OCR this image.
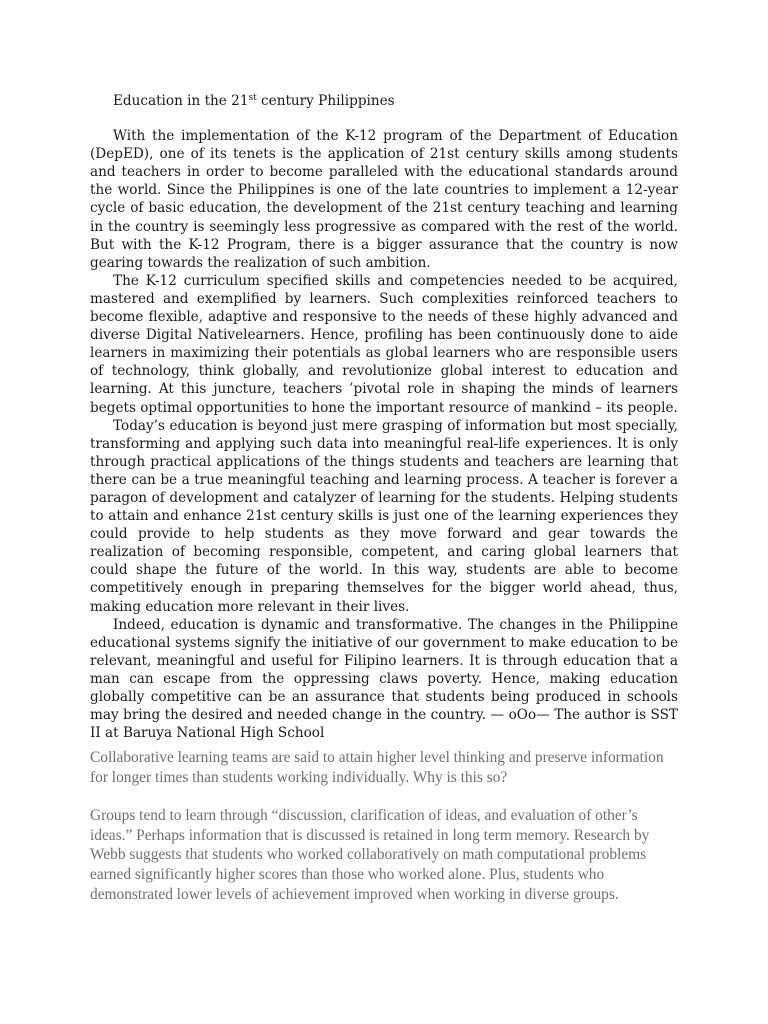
Education in the 21st century Philippines

With the implementation of the K-12 program of the Department of Education (DepED), one of its tenets is the application of 21st century skills among students and teachers in order to become paralleled with the educational standards around the world. Since the Philippines is one of the late countries to implement a 12-year cycle of basic education, the development of the 21st century teaching and learning in the country is seemingly less progressive as compared with the rest of the world. But with the K-12 Program, there is a bigger assurance that the country is now gearing towards the realization of such ambition.

The K-12 curriculum specified skills and competencies needed to be acquired, mastered and exemplified by learners. Such complexities reinforced teachers to become flexible, adaptive and responsive to the needs of these highly advanced and diverse Digital Nativelearners. Hence, profiling has been continuously done to aide learners in maximizing their potentials as global learners who are responsible users of technology, think globally, and revolutionize global interest to education and learning. At this juncture, teachers ’pivotal role in shaping the minds of learners begets optimal opportunities to hone the important resource of mankind – its people.

Today’s education is beyond just mere grasping of information but most specially, transforming and applying such data into meaningful real-life experiences. It is only through practical applications of the things students and teachers are learning that there can be a true meaningful teaching and learning process. A teacher is forever a paragon of development and catalyzer of learning for the students. Helping students to attain and enhance 21st century skills is just one of the learning experiences they could provide to help students as they move forward and gear towards the realization of becoming responsible, competent, and caring global learners that could shape the future of the world. In this way, students are able to become competitively enough in preparing themselves for the bigger world ahead, thus, making education more relevant in their lives.

Indeed, education is dynamic and transformative. The changes in the Philippine educational systems signify the initiative of our government to make education to be relevant, meaningful and useful for Filipino learners. It is through education that a man can escape from the oppressing claws poverty. Hence, making education globally competitive can be an assurance that students being produced in schools may bring the desired and needed change in the country. — oOo— The author is SST II at Baruya National High School

Collaborative learning teams are said to attain higher level thinking and preserve information for longer times than students working individually. Why is this so?

Groups tend to learn through “discussion, clarification of ideas, and evaluation of other’s ideas.” Perhaps information that is discussed is retained in long term memory. Research by Webb suggests that students who worked collaboratively on math computational problems earned significantly higher scores than those who worked alone. Plus, students who demonstrated lower levels of achievement improved when working in diverse groups.
